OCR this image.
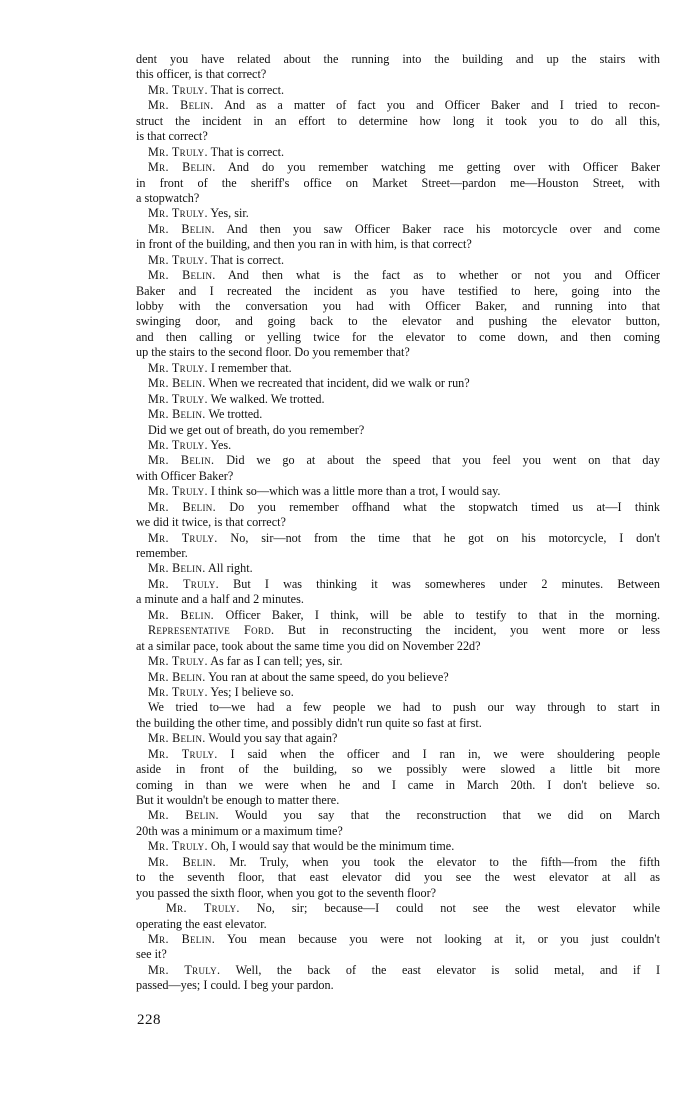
dent you have related about the running into the building and up the stairs with
this officer, is that correct?
Mr. Truly. That is correct.
Mr. Belin. And as a matter of fact you and Officer Baker and I tried to recon-
struct the incident in an effort to determine how long it took you to do all this,
is that correct?
Mr. Truly. That is correct.
Mr. Belin. And do you remember watching me getting over with Officer Baker
in front of the sheriff's office on Market Street—pardon me—Houston Street, with
a stopwatch?
Mr. Truly. Yes, sir.
Mr. Belin. And then you saw Officer Baker race his motorcycle over and come
in front of the building, and then you ran in with him, is that correct?
Mr. Truly. That is correct.
Mr. Belin. And then what is the fact as to whether or not you and Officer
Baker and I recreated the incident as you have testified to here, going into the
lobby with the conversation you had with Officer Baker, and running into that
swinging door, and going back to the elevator and pushing the elevator button,
and then calling or yelling twice for the elevator to come down, and then coming
up the stairs to the second floor. Do you remember that?
Mr. Truly. I remember that.
Mr. Belin. When we recreated that incident, did we walk or run?
Mr. Truly. We walked. We trotted.
Mr. Belin. We trotted.
Did we get out of breath, do you remember?
Mr. Truly. Yes.
Mr. Belin. Did we go at about the speed that you feel you went on that day
with Officer Baker?
Mr. Truly. I think so—which was a little more than a trot, I would say.
Mr. Belin. Do you remember offhand what the stopwatch timed us at—I think
we did it twice, is that correct?
Mr. Truly. No, sir—not from the time that he got on his motorcycle, I don't
remember.
Mr. Belin. All right.
Mr. Truly. But I was thinking it was somewheres under 2 minutes. Between
a minute and a half and 2 minutes.
Mr. Belin. Officer Baker, I think, will be able to testify to that in the morning.
Representative Ford. But in reconstructing the incident, you went more or less
at a similar pace, took about the same time you did on November 22d?
Mr. Truly. As far as I can tell; yes, sir.
Mr. Belin. You ran at about the same speed, do you believe?
Mr. Truly. Yes; I believe so.
We tried to—we had a few people we had to push our way through to start in
the building the other time, and possibly didn't run quite so fast at first.
Mr. Belin. Would you say that again?
Mr. Truly. I said when the officer and I ran in, we were shouldering people
aside in front of the building, so we possibly were slowed a little bit more
coming in than we were when he and I came in March 20th. I don't believe so.
But it wouldn't be enough to matter there.
Mr. Belin. Would you say that the reconstruction that we did on March
20th was a minimum or a maximum time?
Mr. Truly. Oh, I would say that would be the minimum time.
Mr. Belin. Mr. Truly, when you took the elevator to the fifth—from the fifth
to the seventh floor, that east elevator did you see the west elevator at all as
you passed the sixth floor, when you got to the seventh floor?
Mr. Truly. No, sir; because—I could not see the west elevator while
operating the east elevator.
Mr. Belin. You mean because you were not looking at it, or you just couldn't
see it?
Mr. Truly. Well, the back of the east elevator is solid metal, and if I
passed—yes; I could. I beg your pardon.
228
